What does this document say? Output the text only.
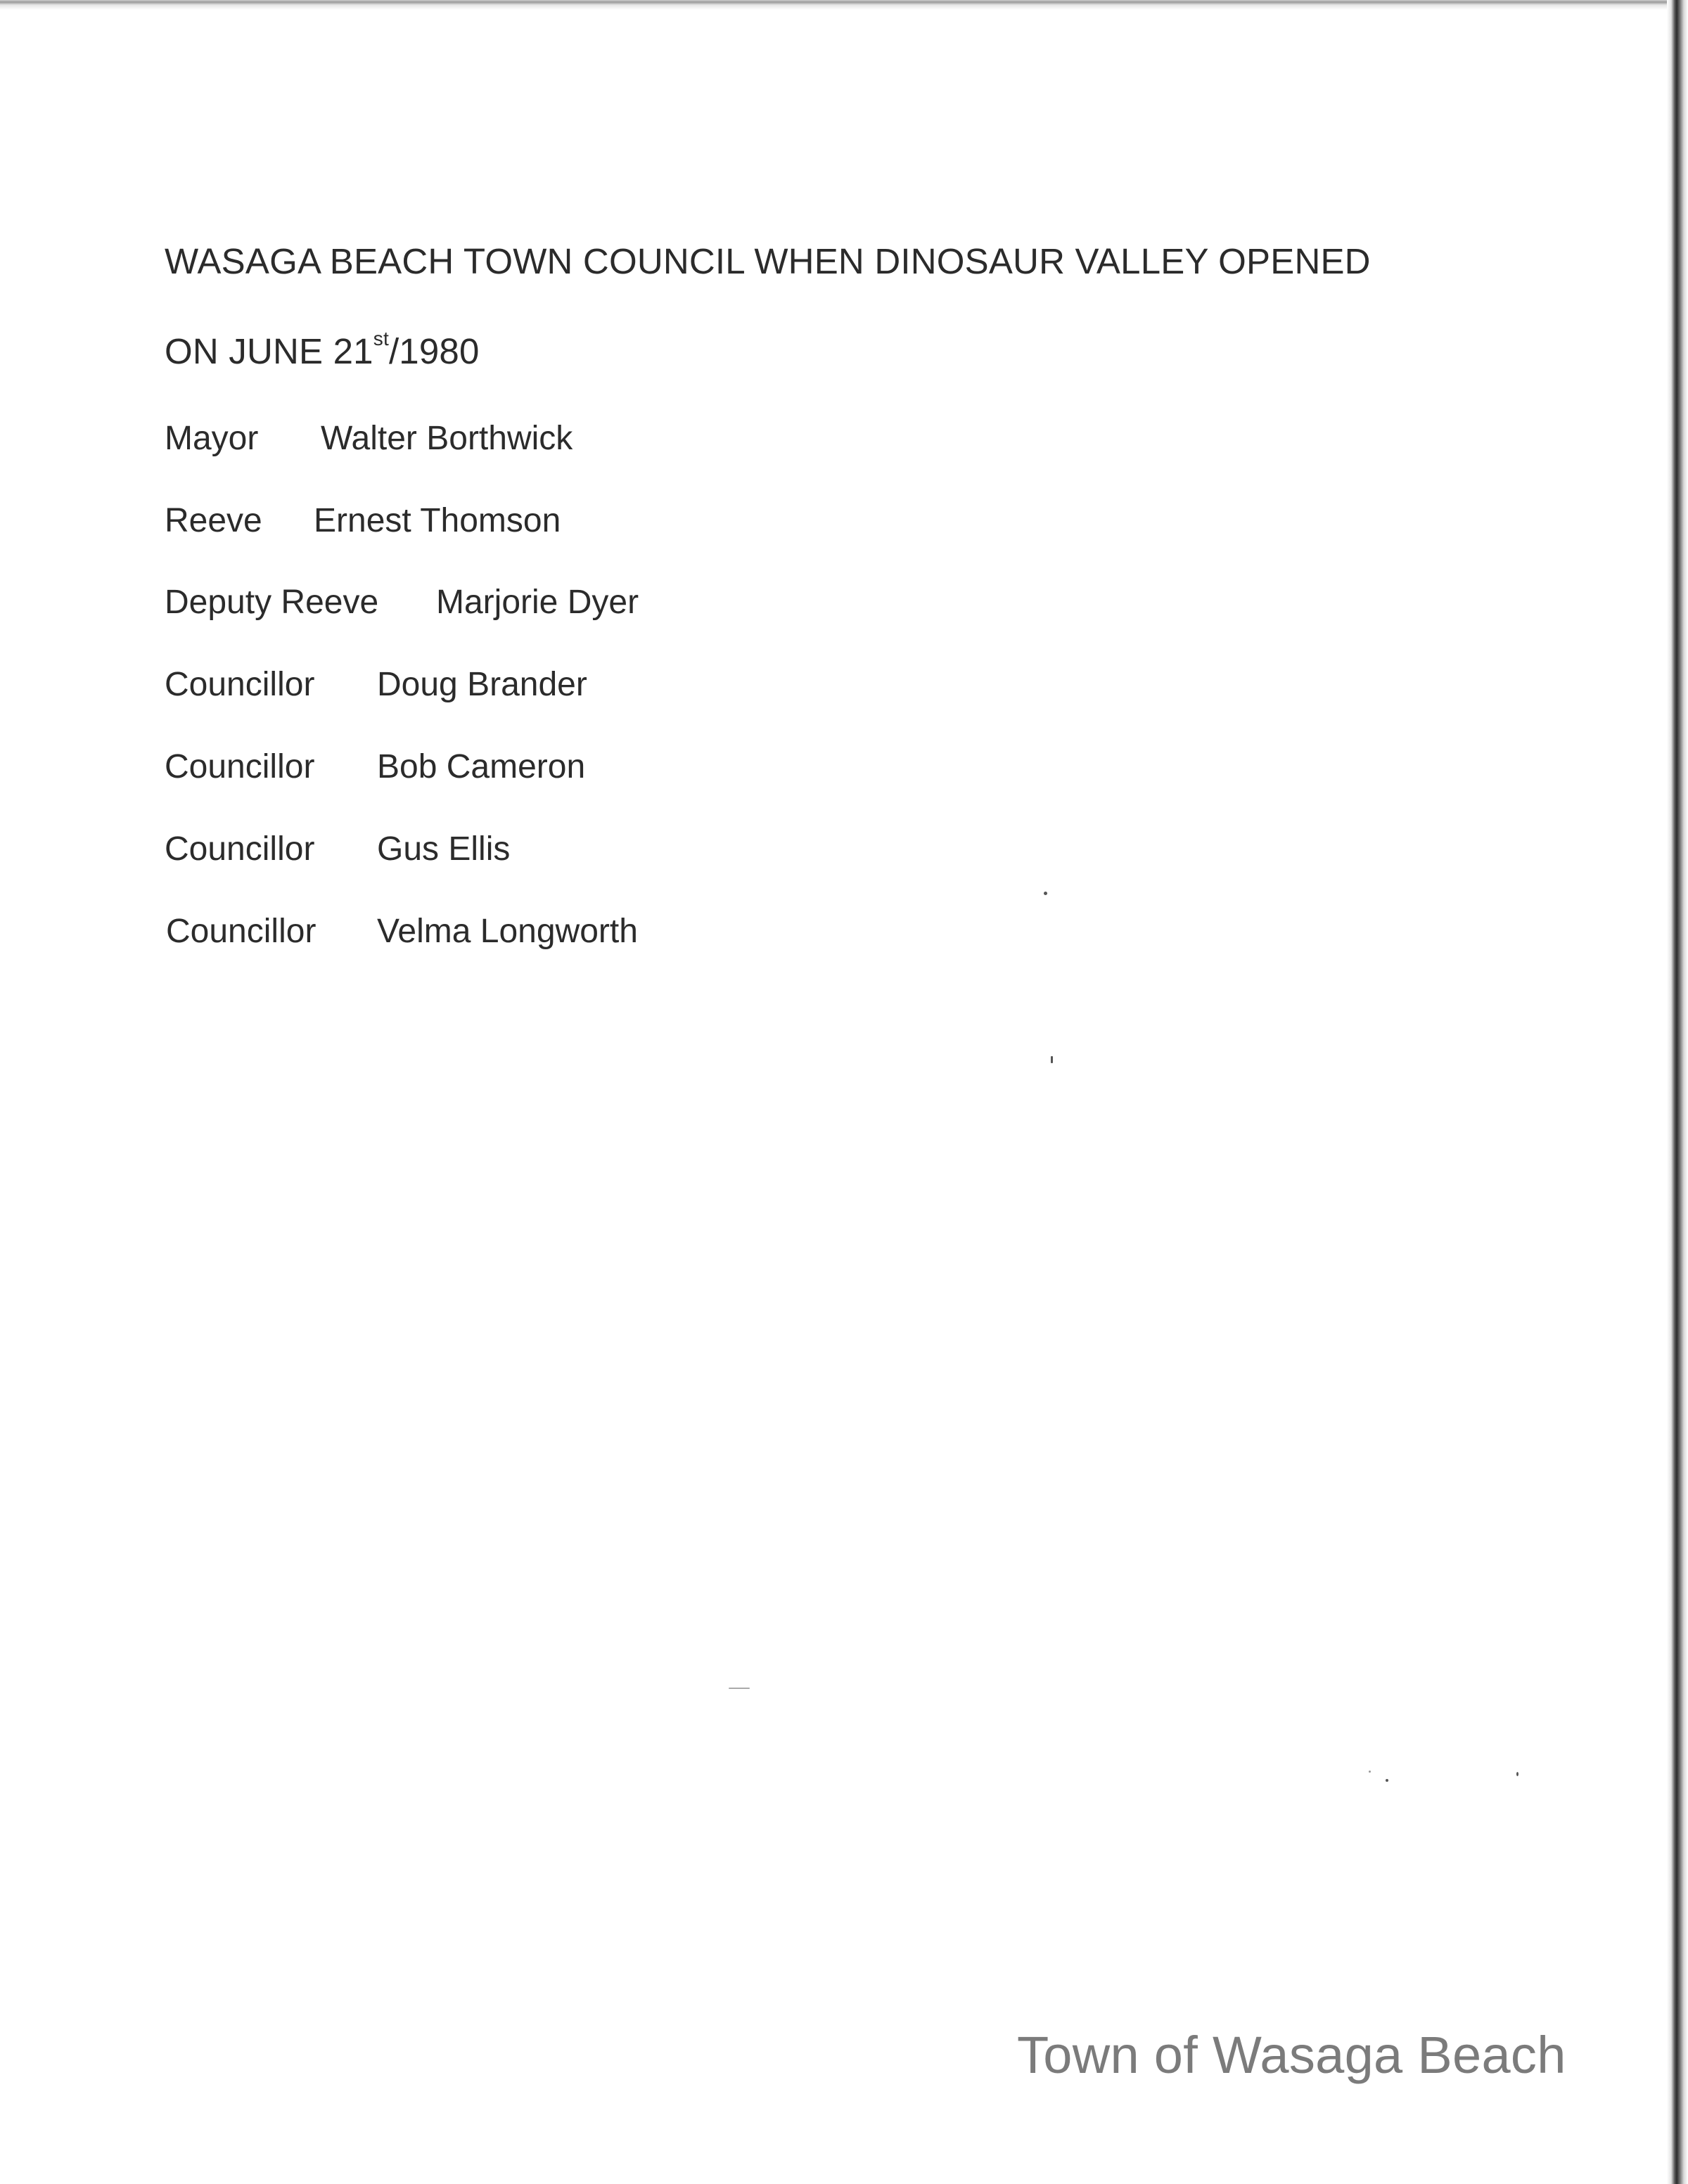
WASAGA BEACH TOWN COUNCIL WHEN DINOSAUR VALLEY OPENED
ON JUNE 21st/1980
Mayor Walter Borthwick
Reeve Ernest Thomson
Deputy Reeve Marjorie Dyer
Councillor Doug Brander
Councillor Bob Cameron
Councillor Gus Ellis
Councillor Velma Longworth
Town of Wasaga Beach
